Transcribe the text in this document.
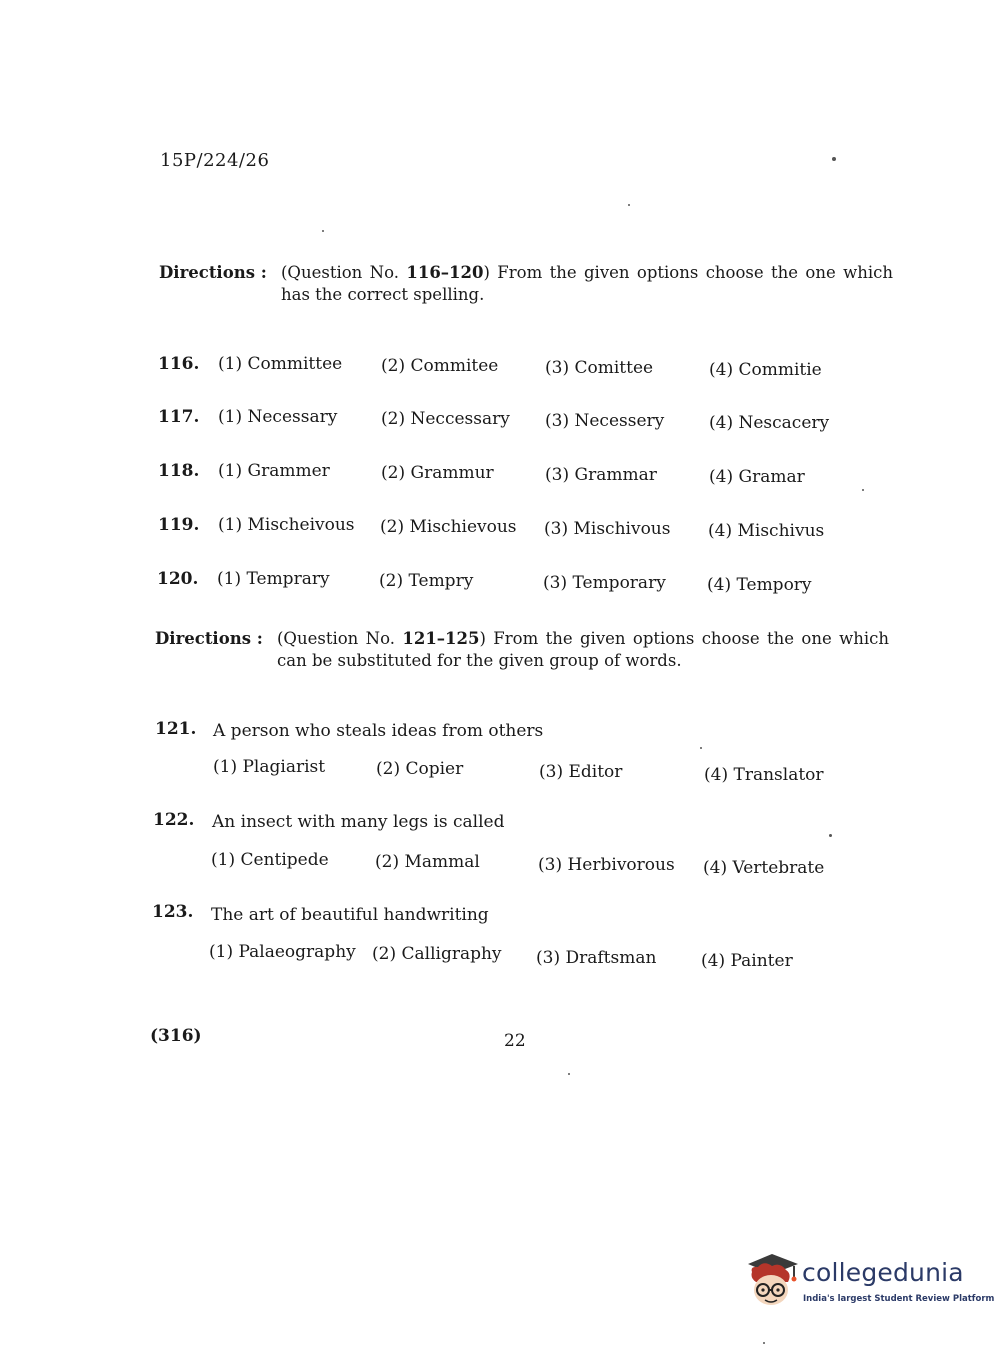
15P/224/26
Directions : (Question No. 116–120) From the given options choose the one which has the correct spelling.
116. (1) Committee (2) Commitee	(3) Comittee	(4) Commitie
117. (1) Necessary	(2) Neccessary (3) Necessery	(4) Nescacery
118. (1) Grammer	(2) Grammur	(3) Grammar	(4) Gramar
119. (1) Mischeivous (2) Mischievous (3) Mischivous (4) Mischivus
120. (1) Temprary	(2) Tempry	(3) Temporary (4) Tempory
Directions : (Question No. 121–125) From the given options choose the one which can be substituted for the given group of words.
121. A person who steals ideas from others
(1) Plagiarist	(2) Copier	(3) Editor	(4) Translator
122. An insect with many legs is called
(1) Centipede	(2) Mammal	(3) Herbivorous (4) Vertebrate
123. The art of beautiful handwriting
(1) Palaeography (2) Calligraphy (3) Draftsman	(4) Painter
(316)	22
collegedunia
India's largest Student Review Platform
